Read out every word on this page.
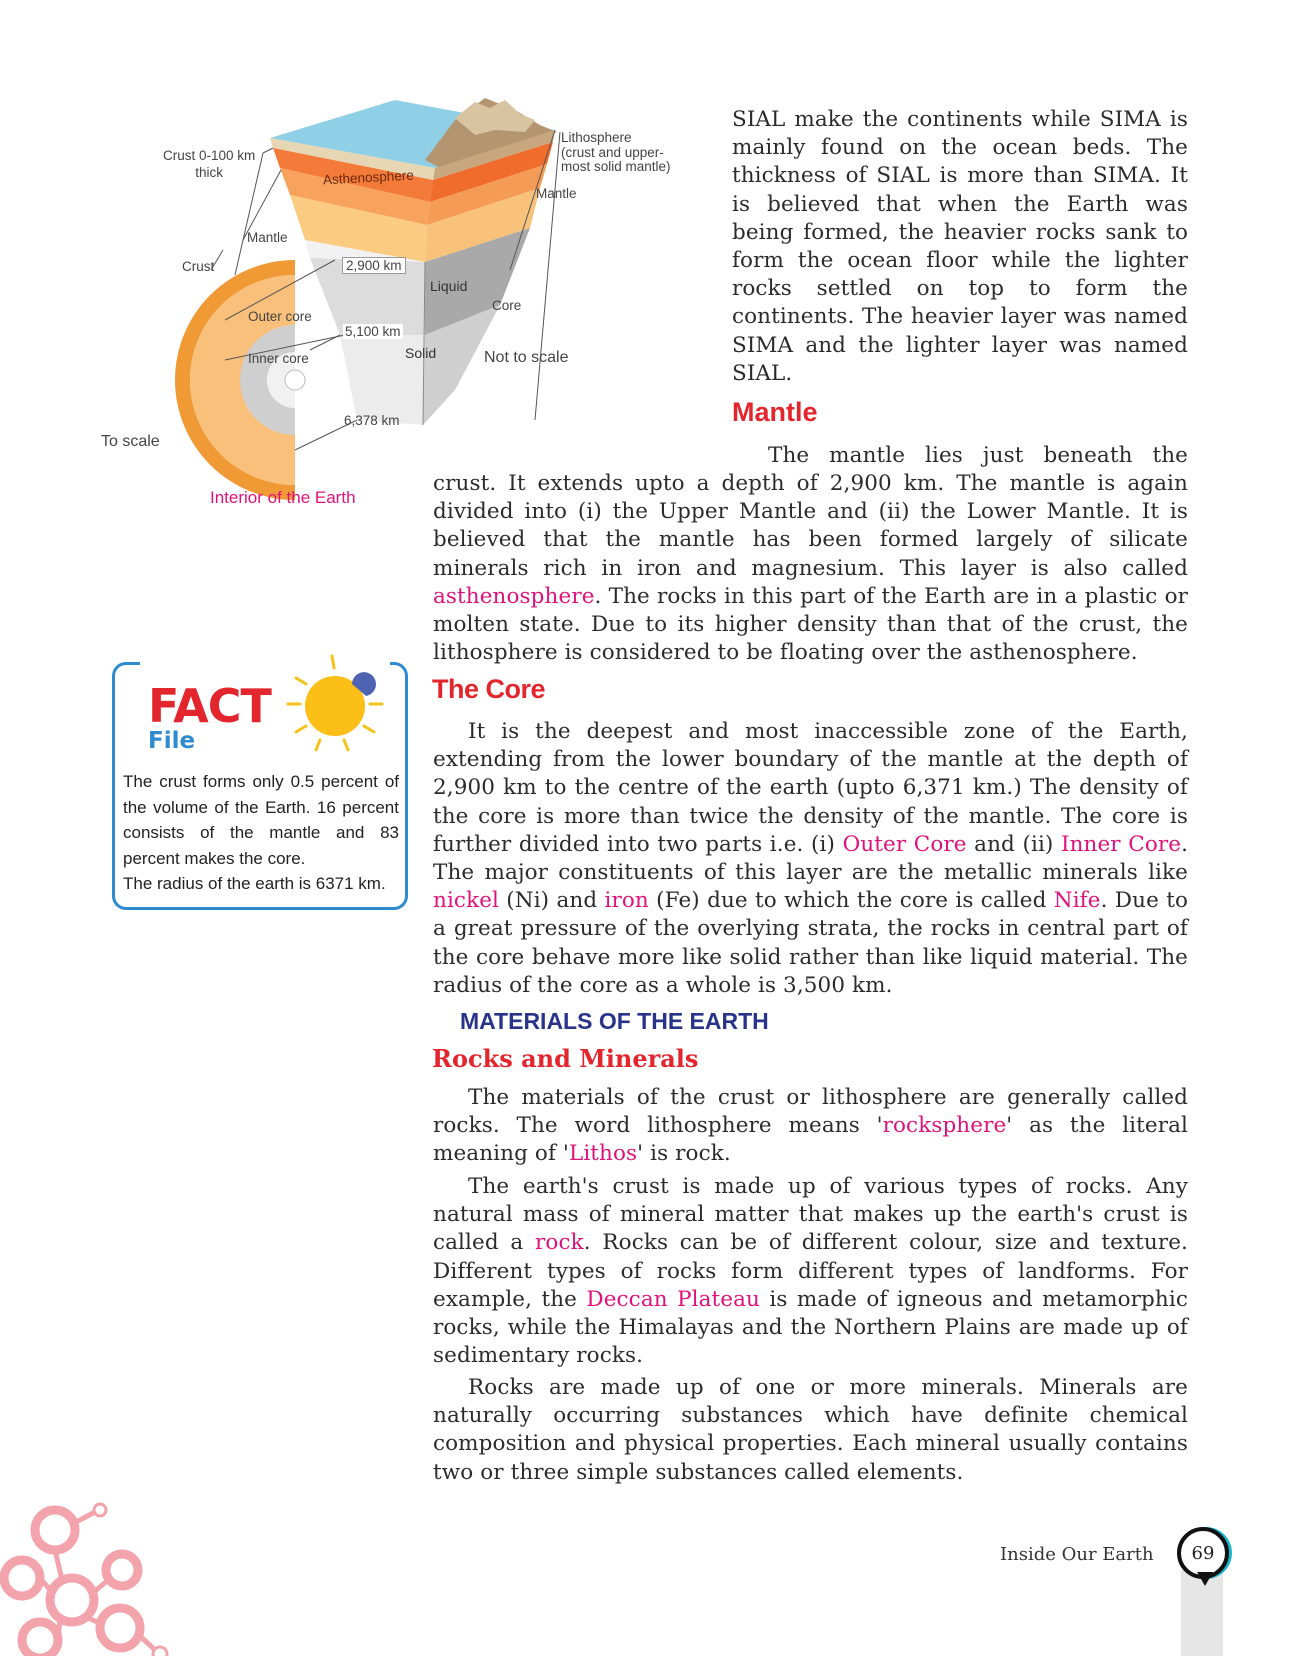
Crust 0-100 km
thick
Lithosphere
(crust and upper-
most solid mantle)
Asthenosphere
Mantle
Mantle
Crust	2,900 km
Liquid
Core
Outer core
5,100 km
Inner core	Solid	Not to scale
6,378 km
To scale
Interior of the Earth

The crust forms only 0.5 percent of the volume of the Earth. 16 percent consists of the mantle and 83 percent makes the core.

The radius of the earth is 6371 km.

FACT
File

SIAL make the continents while SIMA is mainly found on the ocean beds. The thickness of SIAL is more than SIMA. It is believed that when the Earth was being formed, the heavier rocks sank to form the ocean floor while the lighter rocks settled on top to form the continents. The heavier layer was named SIMA and the lighter layer was named SIAL.

Mantle

The mantle lies just beneath the

crust. It extends upto a depth of 2,900 km. The mantle is again divided into (i) the Upper Mantle and (ii) the Lower Mantle. It is believed that the mantle has been formed largely of silicate minerals rich in iron and magnesium. This layer is also called asthenosphere. The rocks in this part of the Earth are in a plastic or molten state. Due to its higher density than that of the crust, the lithosphere is considered to be floating over the asthenosphere.

The Core

It is the deepest and most inaccessible zone of the Earth, extending from the lower boundary of the mantle at the depth of 2,900 km to the centre of the earth (upto 6,371 km.) The density of the core is more than twice the density of the mantle. The core is further divided into two parts i.e. (i) Outer Core and (ii) Inner Core. The major constituents of this layer are the metallic minerals like nickel (Ni) and iron (Fe) due to which the core is called Nife. Due to a great pressure of the overlying strata, the rocks in central part of the core behave more like solid rather than like liquid material. The radius of the core as a whole is 3,500 km.

MATERIALS OF THE EARTH
Rocks and Minerals

The materials of the crust or lithosphere are generally called rocks. The word lithosphere means 'rocksphere' as the literal meaning of 'Lithos' is rock.

The earth's crust is made up of various types of rocks. Any natural mass of mineral matter that makes up the earth's crust is called a rock. Rocks can be of different colour, size and texture. Different types of rocks form different types of landforms. For example, the Deccan Plateau is made of igneous and metamorphic rocks, while the Himalayas and the Northern Plains are made up of sedimentary rocks.

Rocks are made up of one or more minerals. Minerals are naturally occurring substances which have definite chemical composition and physical properties. Each mineral usually contains two or three simple substances called elements.

Inside Our Earth 69
